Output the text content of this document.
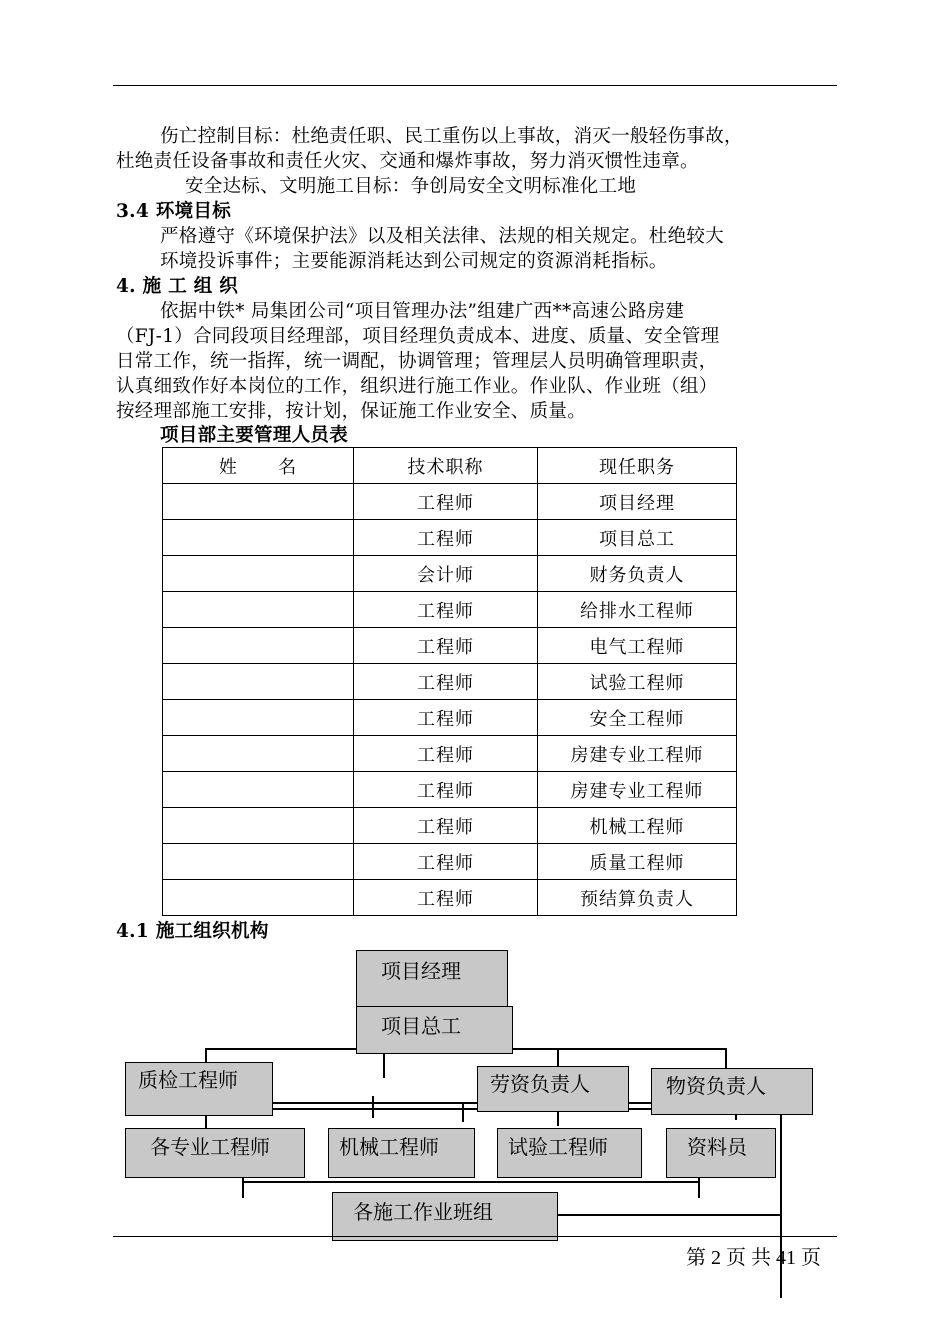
伤亡控制目标：杜绝责任职、民工重伤以上事故，消灭一般轻伤事故，
杜绝责任设备事故和责任火灾、交通和爆炸事故，努力消灭惯性违章。
安全达标、文明施工目标：争创局安全文明标准化工地
3.4 环境目标
严格遵守《环境保护法》以及相关法律、法规的相关规定。杜绝较大
环境投诉事件；主要能源消耗达到公司规定的资源消耗指标。
4. 施 工 组 织
依据中铁* 局集团公司“项目管理办法”组建广西**高速公路房建
（FJ-1）合同段项目经理部，项目经理负责成本、进度、质量、安全管理
日常工作，统一指挥，统一调配，协调管理；管理层人员明确管理职责，
认真细致作好本岗位的工作，组织进行施工作业。作业队、作业班（组）
按经理部施工安排，按计划，保证施工作业安全、质量。
项目部主要管理人员表
姓      名	技术职称	现任职务
	工程师	项目经理
	工程师	项目总工
	会计师	财务负责人
	工程师	给排水工程师
	工程师	电气工程师
	工程师	试验工程师
	工程师	安全工程师
	工程师	房建专业工程师
	工程师	房建专业工程师
	工程师	机械工程师
	工程师	质量工程师
	工程师	预结算负责人
4.1 施工组织机构
项目经理
项目总工
质检工程师	劳资负责人	物资负责人
各专业工程师	机械工程师	试验工程师	资料员
各施工作业班组
第 2 页 共 41 页
